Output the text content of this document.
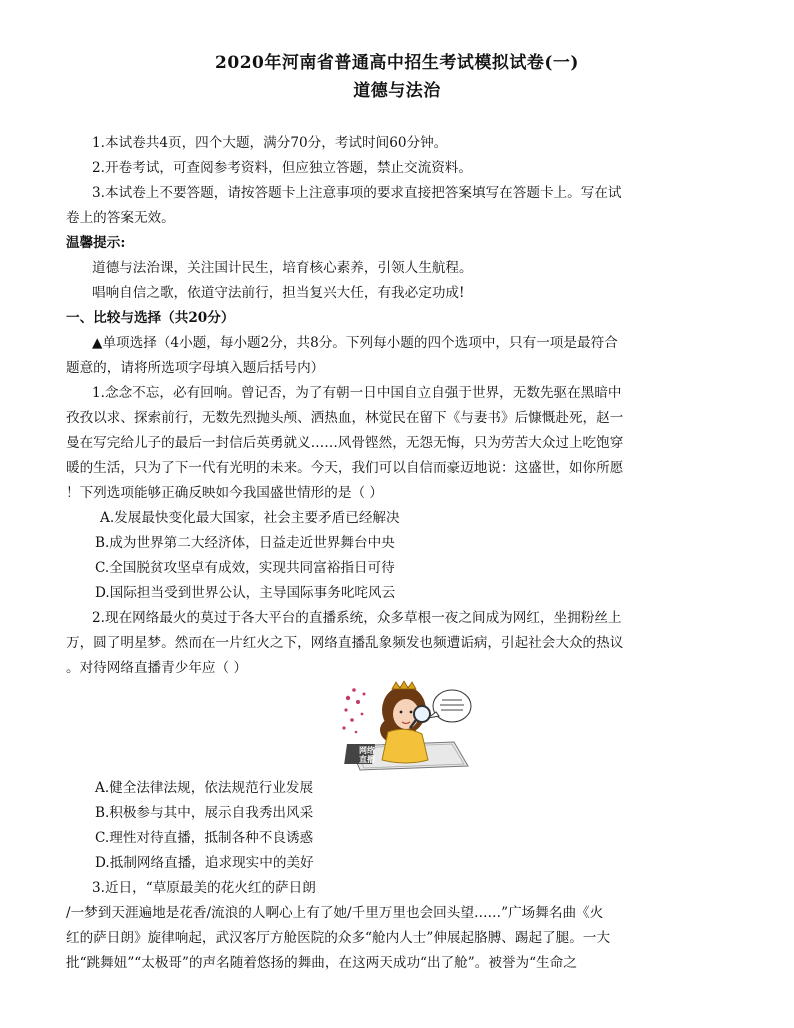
2020年河南省普通高中招生考试模拟试卷(一)
道德与法治
1.本试卷共4页，四个大题，满分70分，考试时间60分钟。
2.开卷考试，可查阅参考资料，但应独立答题，禁止交流资料。
3.本试卷上不要答题，请按答题卡上注意事项的要求直接把答案填写在答题卡上。写在试
卷上的答案无效。
温馨提示:
道德与法治课，关注国计民生，培育核心素养，引领人生航程。
唱响自信之歌，依道守法前行，担当复兴大任，有我必定功成!
一、比较与选择（共20分）
▲单项选择（4小题，每小题2分，共8分。下列每小题的四个选项中，只有一项是最符合
题意的，请将所选项字母填入题后括号内）
1.念念不忘，必有回响。曾记否，为了有朝一日中国自立自强于世界，无数先驱在黑暗中
孜孜以求、探索前行，无数先烈抛头颅、洒热血，林觉民在留下《与妻书》后慷慨赴死，赵一
曼在写完给儿子的最后一封信后英勇就义……风骨铿然，无怨无悔，只为劳苦大众过上吃饱穿
暖的生活，只为了下一代有光明的未来。今天，我们可以自信而豪迈地说：这盛世，如你所愿
！下列选项能够正确反映如今我国盛世情形的是（ ）
A.发展最快变化最大国家，社会主要矛盾已经解决
B.成为世界第二大经济体，日益走近世界舞台中央
C.全国脱贫攻坚卓有成效，实现共同富裕指日可待
D.国际担当受到世界公认，主导国际事务叱咤风云
2.现在网络最火的莫过于各大平台的直播系统，众多草根一夜之间成为网红，坐拥粉丝上
万，圆了明星梦。然而在一片红火之下，网络直播乱象频发也频遭诟病，引起社会大众的热议
。对待网络直播青少年应（ ）
网络
直播
A.健全法律法规，依法规范行业发展
B.积极参与其中，展示自我秀出风采
C.理性对待直播，抵制各种不良诱惑
D.抵制网络直播，追求现实中的美好
3.近日，“草原最美的花火红的萨日朗
/一梦到天涯遍地是花香/流浪的人啊心上有了她/千里万里也会回头望……”广场舞名曲《火
红的萨日朗》旋律响起，武汉客厅方舱医院的众多“舱内人士”伸展起胳膊、踢起了腿。一大
批“跳舞妞”“太极哥”的声名随着悠扬的舞曲，在这两天成功“出了舱”。被誉为“生命之
